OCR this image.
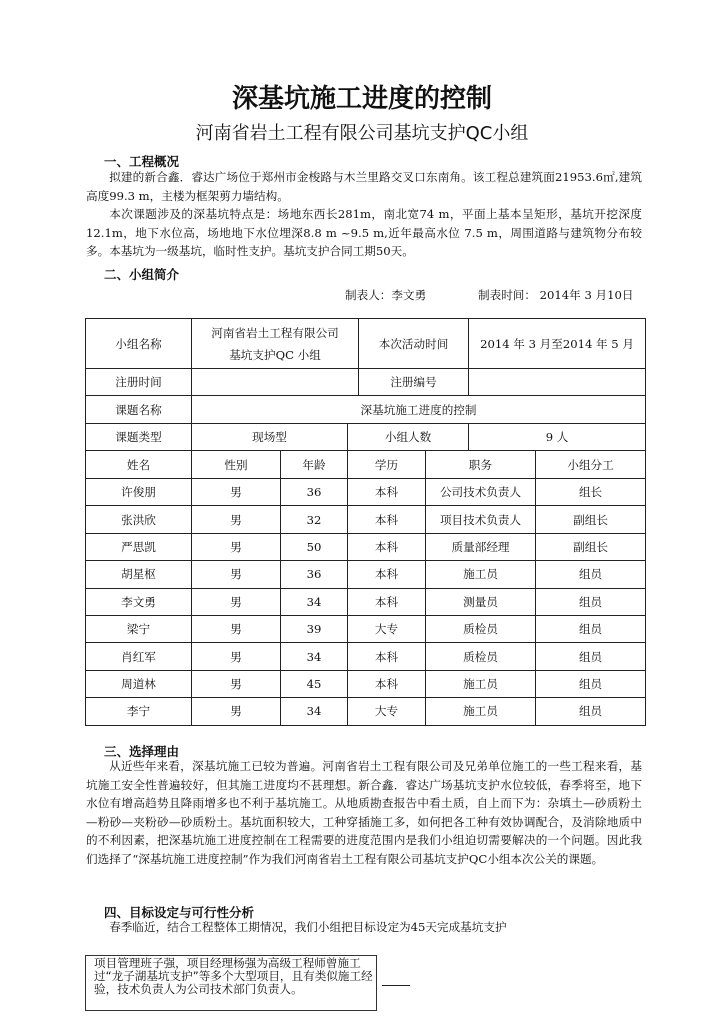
深基坑施工进度的控制
河南省岩土工程有限公司基坑支护QC小组
一、工程概况
拟建的新合鑫．睿达广场位于郑州市金梭路与木兰里路交叉口东南角。该工程总建筑面21953.6㎡,建筑高度99.3 m，主楼为框架剪力墙结构。
本次课题涉及的深基坑特点是：场地东西长281m，南北宽74 m，平面上基本呈矩形，基坑开挖深度12.1m，地下水位高，场地地下水位埋深8.8 m ~9.5 m,近年最高水位 7.5 m，周围道路与建筑物分布较多。本基坑为一级基坑，临时性支护。基坑支护合同工期50天。
二、小组简介
制表人：李文勇	制表时间： 2014年 3 月10日
小组名称	河南省岩土工程有限公司
基坑支护QC 小组			本次活动时间		2014 年 3 月至2014 年 5 月	
注册时间				注册编号			
课题名称	深基坑施工进度的控制						
课题类型	现场型		小组人数			9 人	
姓名	性别	年龄	学历		职务		小组分工
许俊朋	男	36	本科		公司技术负责人		组长
张洪欣	男	32	本科		项目技术负责人		副组长
严思凯	男	50	本科		质量部经理		副组长
胡星枢	男	36	本科		施工员		组员
李文勇	男	34	本科		测量员		组员
梁宁	男	39	大专		质检员		组员
肖红军	男	34	本科		质检员		组员
周道林	男	45	本科		施工员		组员
李宁	男	34	大专		施工员		组员
三、选择理由
从近些年来看，深基坑施工已较为普遍。河南省岩土工程有限公司及兄弟单位施工的一些工程来看，基坑施工安全性普遍较好，但其施工进度均不甚理想。新合鑫．睿达广场基坑支护水位较低，春季将至，地下水位有增高趋势且降雨增多也不利于基坑施工。从地质勘查报告中看土质，自上而下为：杂填土—砂质粉土—粉砂—夹粉砂—砂质粉土。基坑面积较大，工种穿插施工多，如何把各工种有效协调配合，及消除地质中的不利因素，把深基坑施工进度控制在工程需要的进度范围内是我们小组迫切需要解决的一个问题。因此我们选择了“深基坑施工进度控制”作为我们河南省岩土工程有限公司基坑支护QC小组本次公关的课题。
四、目标设定与可行性分析
春季临近，结合工程整体工期情况，我们小组把目标设定为45天完成基坑支护
项目管理班子强，项目经理杨强为高级工程师曾施工过“龙子湖基坑支护”等多个大型项目，且有类似施工经验，技术负责人为公司技术部门负责人。
